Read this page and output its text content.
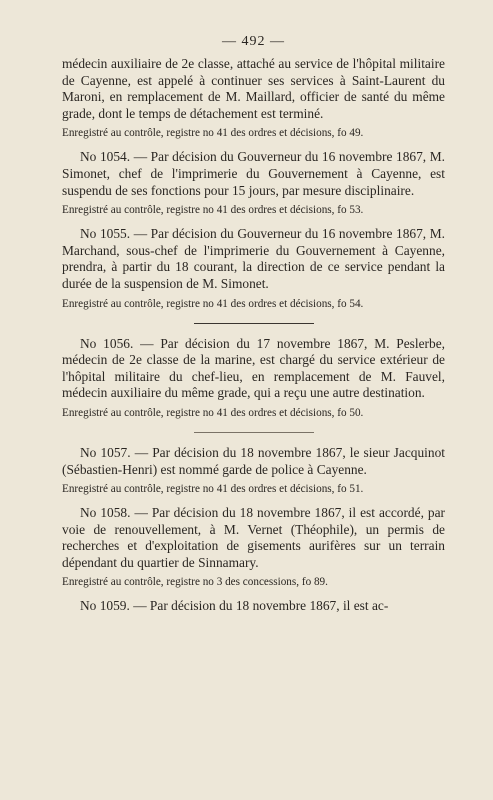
— 492 —

médecin auxiliaire de 2e classe, attaché au service de l'hôpital militaire de Cayenne, est appelé à continuer ses services à Saint-Laurent du Maroni, en remplacement de M. Maillard, officier de santé du même grade, dont le temps de détachement est terminé.

Enregistré au contrôle, registre no 41 des ordres et décisions, fo 49.

No 1054. — Par décision du Gouverneur du 16 novembre 1867, M. Simonet, chef de l'imprimerie du Gouvernement à Cayenne, est suspendu de ses fonctions pour 15 jours, par mesure disciplinaire.

Enregistré au contrôle, registre no 41 des ordres et décisions, fo 53.

No 1055. — Par décision du Gouverneur du 16 novembre 1867, M. Marchand, sous-chef de l'imprimerie du Gouvernement à Cayenne, prendra, à partir du 18 courant, la direction de ce service pendant la durée de la suspension de M. Simonet.

Enregistré au contrôle, registre no 41 des ordres et décisions, fo 54.

No 1056. — Par décision du 17 novembre 1867, M. Peslerbe, médecin de 2e classe de la marine, est chargé du service extérieur de l'hôpital militaire du chef-lieu, en remplacement de M. Fauvel, médecin auxiliaire du même grade, qui a reçu une autre destination.

Enregistré au contrôle, registre no 41 des ordres et décisions, fo 50.

No 1057. — Par décision du 18 novembre 1867, le sieur Jacquinot (Sébastien-Henri) est nommé garde de police à Cayenne.

Enregistré au contrôle, registre no 41 des ordres et décisions, fo 51.

No 1058. — Par décision du 18 novembre 1867, il est accordé, par voie de renouvellement, à M. Vernet (Théophile), un permis de recherches et d'exploitation de gisements aurifères sur un terrain dépendant du quartier de Sinnamary.

Enregistré au contrôle, registre no 3 des concessions, fo 89.

No 1059. — Par décision du 18 novembre 1867, il est ac-
